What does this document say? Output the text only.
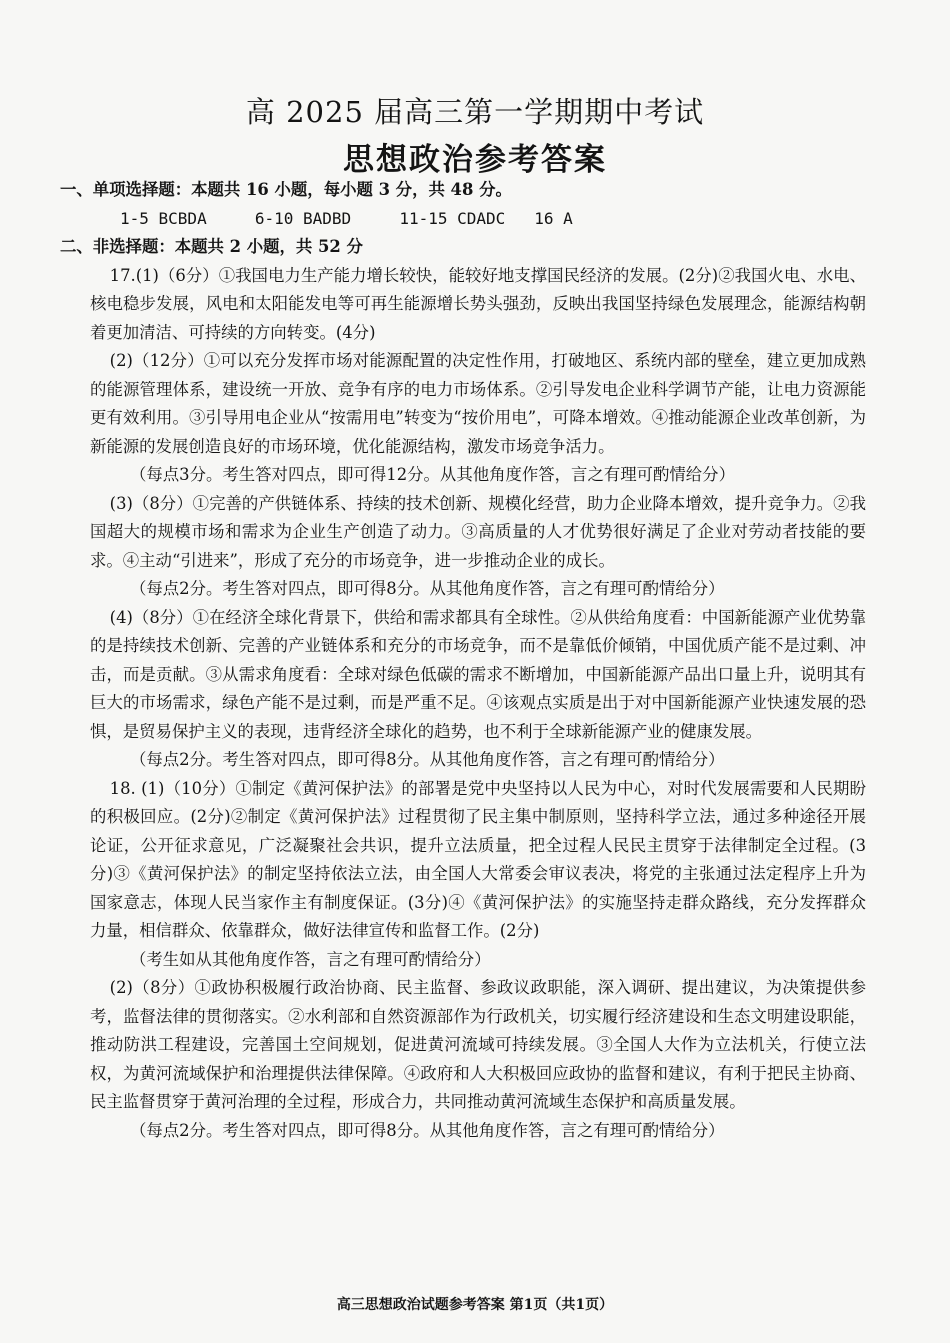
高 2025 届高三第一学期期中考试
思想政治参考答案

一、单项选择题：本题共 16 小题，每小题 3 分，共 48 分。

1-5 BCBDA     6-10 BADBD     11-15 CDADC   16 A

二、非选择题：本题共 2 小题，共 52 分

17.(1)（6分）①我国电力生产能力增长较快，能较好地支撑国民经济的发展。(2分)②我国火电、水电、核电稳步发展，风电和太阳能发电等可再生能源增长势头强劲，反映出我国坚持绿色发展理念，能源结构朝着更加清洁、可持续的方向转变。(4分)

(2)（12分）①可以充分发挥市场对能源配置的决定性作用，打破地区、系统内部的壁垒，建立更加成熟的能源管理体系，建设统一开放、竞争有序的电力市场体系。②引导发电企业科学调节产能，让电力资源能更有效利用。③引导用电企业从“按需用电”转变为“按价用电”，可降本增效。④推动能源企业改革创新，为新能源的发展创造良好的市场环境，优化能源结构，激发市场竞争活力。

（每点3分。考生答对四点，即可得12分。从其他角度作答，言之有理可酌情给分）

(3)（8分）①完善的产供链体系、持续的技术创新、规模化经营，助力企业降本增效，提升竞争力。②我国超大的规模市场和需求为企业生产创造了动力。③高质量的人才优势很好满足了企业对劳动者技能的要求。④主动“引进来”，形成了充分的市场竞争，进一步推动企业的成长。

（每点2分。考生答对四点，即可得8分。从其他角度作答，言之有理可酌情给分）

(4)（8分）①在经济全球化背景下，供给和需求都具有全球性。②从供给角度看：中国新能源产业优势靠的是持续技术创新、完善的产业链体系和充分的市场竞争，而不是靠低价倾销，中国优质产能不是过剩、冲击，而是贡献。③从需求角度看：全球对绿色低碳的需求不断增加，中国新能源产品出口量上升，说明其有巨大的市场需求，绿色产能不是过剩，而是严重不足。④该观点实质是出于对中国新能源产业快速发展的恐惧，是贸易保护主义的表现，违背经济全球化的趋势，也不利于全球新能源产业的健康发展。

（每点2分。考生答对四点，即可得8分。从其他角度作答，言之有理可酌情给分）

18. (1)（10分）①制定《黄河保护法》的部署是党中央坚持以人民为中心，对时代发展需要和人民期盼的积极回应。(2分)②制定《黄河保护法》过程贯彻了民主集中制原则，坚持科学立法，通过多种途径开展论证，公开征求意见，广泛凝聚社会共识，提升立法质量，把全过程人民民主贯穿于法律制定全过程。(3分)③《黄河保护法》的制定坚持依法立法，由全国人大常委会审议表决，将党的主张通过法定程序上升为国家意志，体现人民当家作主有制度保证。(3分)④《黄河保护法》的实施坚持走群众路线，充分发挥群众力量，相信群众、依靠群众，做好法律宣传和监督工作。(2分)

（考生如从其他角度作答，言之有理可酌情给分）

(2)（8分）①政协积极履行政治协商、民主监督、参政议政职能，深入调研、提出建议，为决策提供参考，监督法律的贯彻落实。②水利部和自然资源部作为行政机关，切实履行经济建设和生态文明建设职能，推动防洪工程建设，完善国土空间规划，促进黄河流域可持续发展。③全国人大作为立法机关，行使立法权，为黄河流域保护和治理提供法律保障。④政府和人大积极回应政协的监督和建议，有利于把民主协商、民主监督贯穿于黄河治理的全过程，形成合力，共同推动黄河流域生态保护和高质量发展。

（每点2分。考生答对四点，即可得8分。从其他角度作答，言之有理可酌情给分）

高三思想政治试题参考答案 第1页（共1页）
